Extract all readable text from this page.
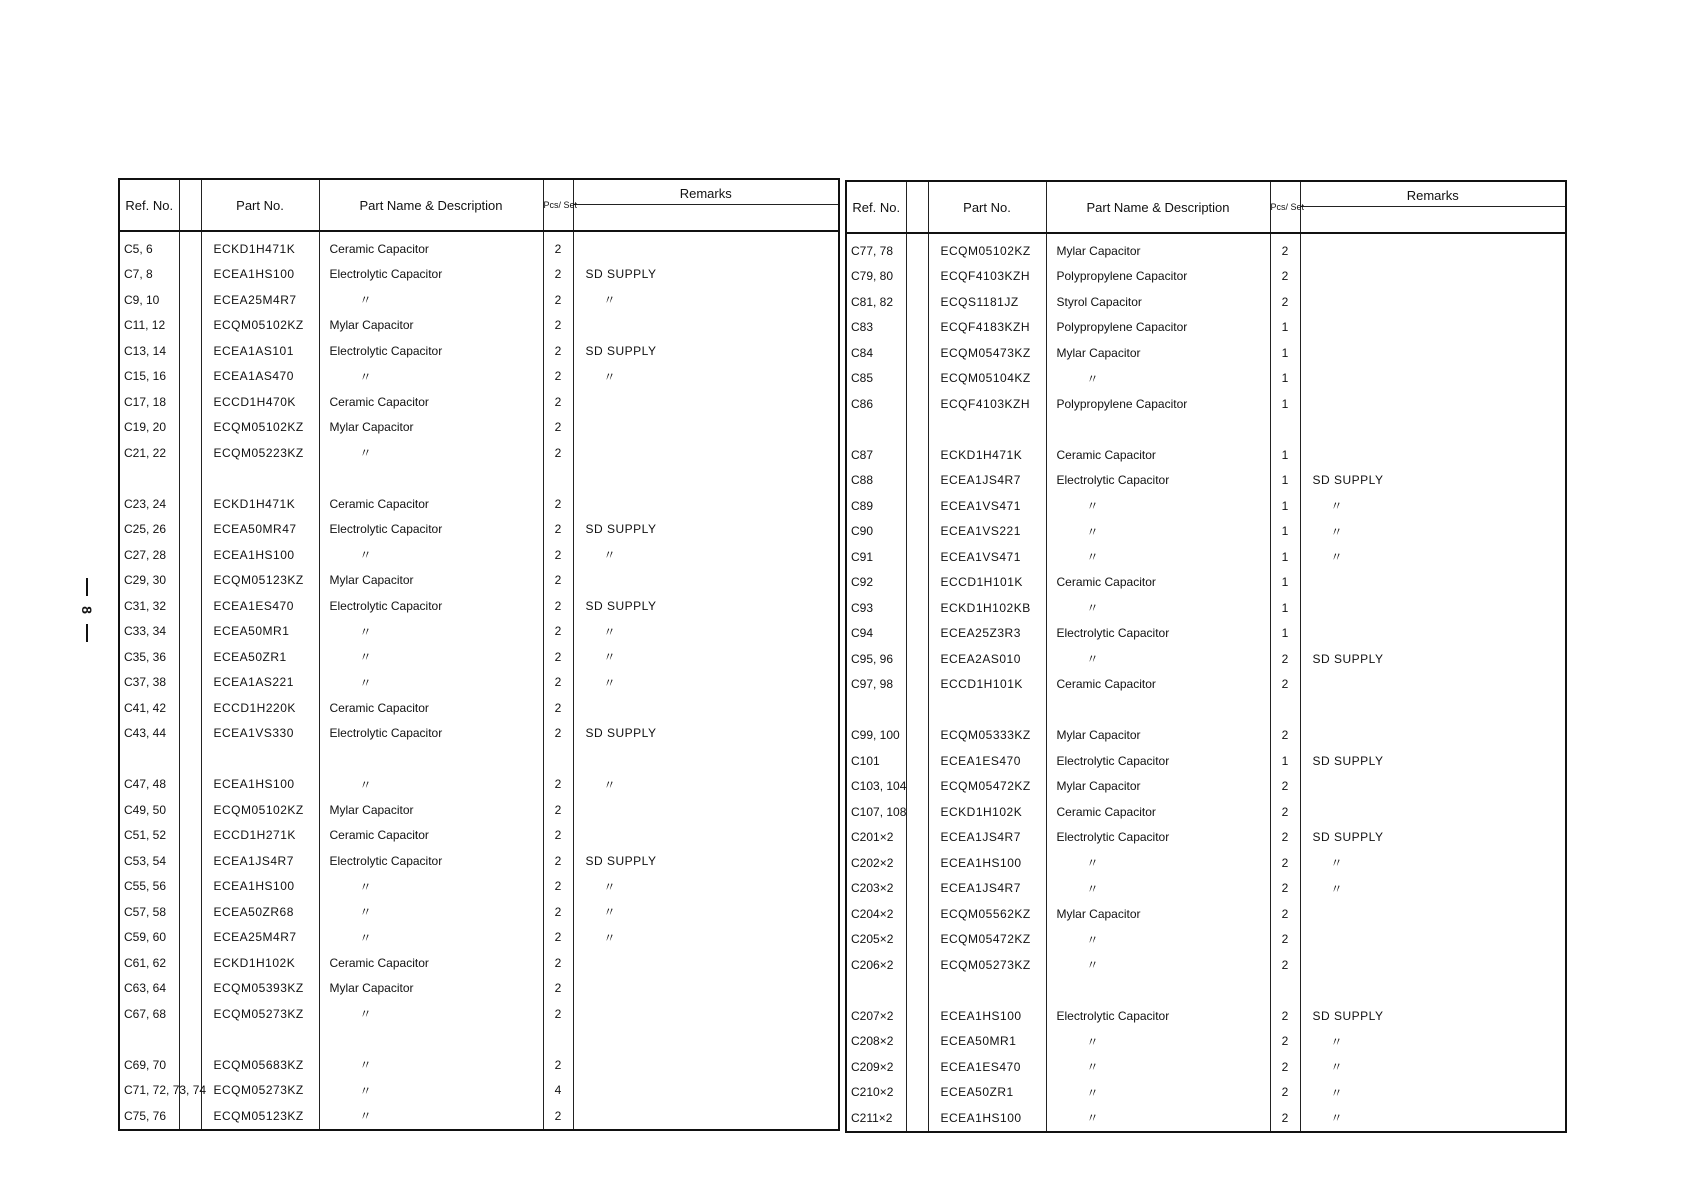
8
Ref. No.		Part No.	Part Name & Description	Pcs/ Set	Remarks

C5, 6		ECKD1H471K	Ceramic Capacitor	2	
C7, 8		ECEA1HS100	Electrolytic Capacitor	2	SD SUPPLY
C9, 10		ECEA25M4R7	〃	2	〃
C11, 12		ECQM05102KZ	Mylar Capacitor	2	
C13, 14		ECEA1AS101	Electrolytic Capacitor	2	SD SUPPLY
C15, 16		ECEA1AS470	〃	2	〃
C17, 18		ECCD1H470K	Ceramic Capacitor	2	
C19, 20		ECQM05102KZ	Mylar Capacitor	2	
C21, 22		ECQM05223KZ	〃	2	

C23, 24		ECKD1H471K	Ceramic Capacitor	2	
C25, 26		ECEA50MR47	Electrolytic Capacitor	2	SD SUPPLY
C27, 28		ECEA1HS100	〃	2	〃
C29, 30		ECQM05123KZ	Mylar Capacitor	2	
C31, 32		ECEA1ES470	Electrolytic Capacitor	2	SD SUPPLY
C33, 34		ECEA50MR1	〃	2	〃
C35, 36		ECEA50ZR1	〃	2	〃
C37, 38		ECEA1AS221	〃	2	〃
C41, 42		ECCD1H220K	Ceramic Capacitor	2	
C43, 44		ECEA1VS330	Electrolytic Capacitor	2	SD SUPPLY

C47, 48		ECEA1HS100	〃	2	〃
C49, 50		ECQM05102KZ	Mylar Capacitor	2	
C51, 52		ECCD1H271K	Ceramic Capacitor	2	
C53, 54		ECEA1JS4R7	Electrolytic Capacitor	2	SD SUPPLY
C55, 56		ECEA1HS100	〃	2	〃
C57, 58		ECEA50ZR68	〃	2	〃
C59, 60		ECEA25M4R7	〃	2	〃
C61, 62		ECKD1H102K	Ceramic Capacitor	2	
C63, 64		ECQM05393KZ	Mylar Capacitor	2	
C67, 68		ECQM05273KZ	〃	2	

C69, 70		ECQM05683KZ	〃	2	
C71, 72, 73, 74		ECQM05273KZ	〃	4	
C75, 76		ECQM05123KZ	〃	2	
Ref. No.		Part No.	Part Name & Description	Pcs/ Set	Remarks

C77, 78		ECQM05102KZ	Mylar Capacitor	2	
C79, 80		ECQF4103KZH	Polypropylene Capacitor	2	
C81, 82		ECQS1181JZ	Styrol Capacitor	2	
C83		ECQF4183KZH	Polypropylene Capacitor	1	
C84		ECQM05473KZ	Mylar Capacitor	1	
C85		ECQM05104KZ	〃	1	
C86		ECQF4103KZH	Polypropylene Capacitor	1	

C87		ECKD1H471K	Ceramic Capacitor	1	
C88		ECEA1JS4R7	Electrolytic Capacitor	1	SD SUPPLY
C89		ECEA1VS471	〃	1	〃
C90		ECEA1VS221	〃	1	〃
C91		ECEA1VS471	〃	1	〃
C92		ECCD1H101K	Ceramic Capacitor	1	
C93		ECKD1H102KB	〃	1	
C94		ECEA25Z3R3	Electrolytic Capacitor	1	
C95, 96		ECEA2AS010	〃	2	SD SUPPLY
C97, 98		ECCD1H101K	Ceramic Capacitor	2	

C99, 100		ECQM05333KZ	Mylar Capacitor	2	
C101		ECEA1ES470	Electrolytic Capacitor	1	SD SUPPLY
C103, 104		ECQM05472KZ	Mylar Capacitor	2	
C107, 108		ECKD1H102K	Ceramic Capacitor	2	
C201×2		ECEA1JS4R7	Electrolytic Capacitor	2	SD SUPPLY
C202×2		ECEA1HS100	〃	2	〃
C203×2		ECEA1JS4R7	〃	2	〃
C204×2		ECQM05562KZ	Mylar Capacitor	2	
C205×2		ECQM05472KZ	〃	2	
C206×2		ECQM05273KZ	〃	2	

C207×2		ECEA1HS100	Electrolytic Capacitor	2	SD SUPPLY
C208×2		ECEA50MR1	〃	2	〃
C209×2		ECEA1ES470	〃	2	〃
C210×2		ECEA50ZR1	〃	2	〃
C211×2		ECEA1HS100	〃	2	〃
